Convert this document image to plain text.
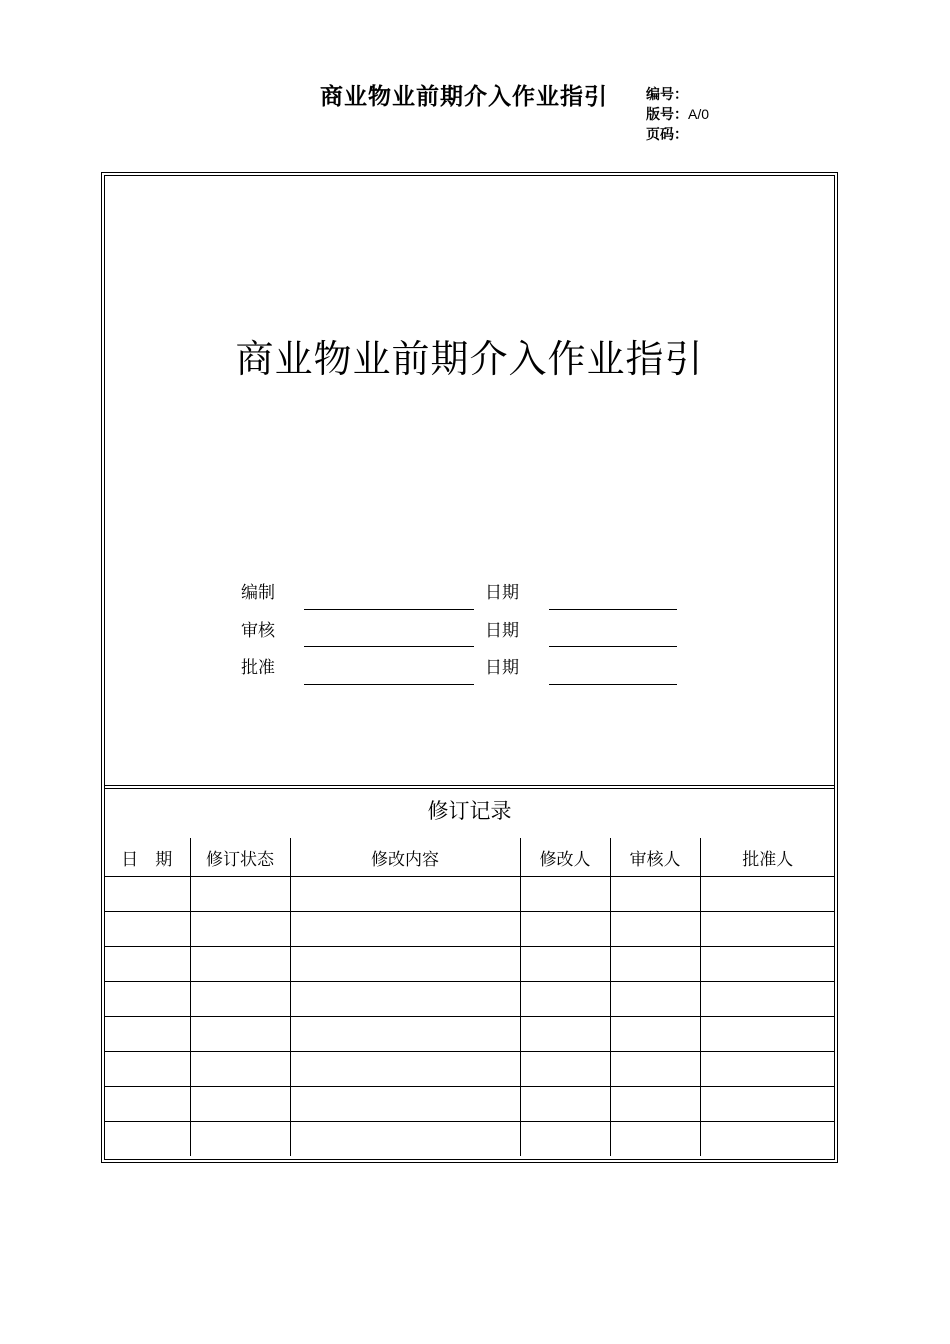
商业物业前期介入作业指引	编号：
版号：A/0
页码：
商业物业前期介入作业指引
编制	日期
审核	日期
批准	日期
修订记录
日　期	修订状态	修改内容	修改人	审核人	批准人
